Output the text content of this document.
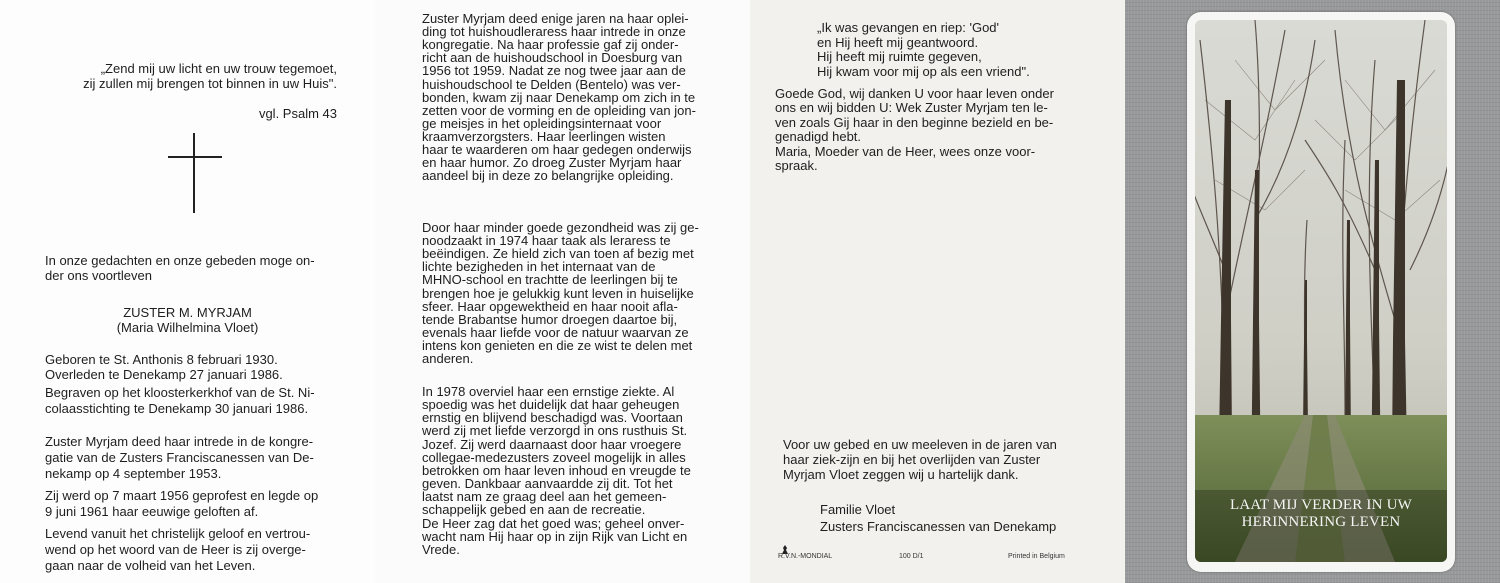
„Zend mij uw licht en uw trouw tegemoet,
zij zullen mij brengen tot binnen in uw Huis".
vgl. Psalm 43
In onze gedachten en onze gebeden moge on-
der ons voortleven
ZUSTER M. MYRJAM
(Maria Wilhelmina Vloet)
Geboren te St. Anthonis 8 februari 1930.
Overleden te Denekamp 27 januari 1986.
Begraven op het kloosterkerkhof van de St. Ni-
colaasstichting te Denekamp 30 januari 1986.
Zuster Myrjam deed haar intrede in de kongre-
gatie van de Zusters Franciscanessen van De-
nekamp op 4 september 1953.
Zij werd op 7 maart 1956 geprofest en legde op
9 juni 1961 haar eeuwige geloften af.
Levend vanuit het christelijk geloof en vertrou-
wend op het woord van de Heer is zij overge-
gaan naar de volheid van het Leven.
Zuster Myrjam deed enige jaren na haar oplei-
ding tot huishoudleraress haar intrede in onze
kongregatie. Na haar professie gaf zij onder-
richt aan de huishoudschool in Doesburg van
1956 tot 1959. Nadat ze nog twee jaar aan de
huishoudschool te Delden (Bentelo) was ver-
bonden, kwam zij naar Denekamp om zich in te
zetten voor de vorming en de opleiding van jon-
ge meisjes in het opleidingsinternaat voor
kraamverzorgsters. Haar leerlingen wisten
haar te waarderen om haar gedegen onderwijs
en haar humor. Zo droeg Zuster Myrjam haar
aandeel bij in deze zo belangrijke opleiding.
Door haar minder goede gezondheid was zij ge-
noodzaakt in 1974 haar taak als leraress te
beëindigen. Ze hield zich van toen af bezig met
lichte bezigheden in het internaat van de
MHNO-school en trachtte de leerlingen bij te
brengen hoe je gelukkig kunt leven in huiselijke
sfeer. Haar opgewektheid en haar nooit afla-
tende Brabantse humor droegen daartoe bij,
evenals haar liefde voor de natuur waarvan ze
intens kon genieten en die ze wist te delen met
anderen.
In 1978 overviel haar een ernstige ziekte. Al
spoedig was het duidelijk dat haar geheugen
ernstig en blijvend beschadigd was. Voortaan
werd zij met liefde verzorgd in ons rusthuis St.
Jozef. Zij werd daarnaast door haar vroegere
collegae-medezusters zoveel mogelijk in alles
betrokken om haar leven inhoud en vreugde te
geven. Dankbaar aanvaardde zij dit. Tot het
laatst nam ze graag deel aan het gemeen-
schappelijk gebed en aan de recreatie.
De Heer zag dat het goed was; geheel onver-
wacht nam Hij haar op in zijn Rijk van Licht en
Vrede.
„Ik was gevangen en riep: 'God'
en Hij heeft mij geantwoord.
Hij heeft mij ruimte gegeven,
Hij kwam voor mij op als een vriend".
Goede God, wij danken U voor haar leven onder
ons en wij bidden U: Wek Zuster Myrjam ten le-
ven zoals Gij haar in den beginne bezield en be-
genadigd hebt.
Maria, Moeder van de Heer, wees onze voor-
spraak.
Voor uw gebed en uw meeleven in de jaren van
haar ziek-zijn en bij het overlijden van Zuster
Myrjam Vloet zeggen wij u hartelijk dank.
Familie Vloet
Zusters Franciscanessen van Denekamp
R.V.N.-MONDIAL	100 D/1	Printed in Belgium
LAAT MIJ VERDER IN UW
HERINNERING LEVEN
